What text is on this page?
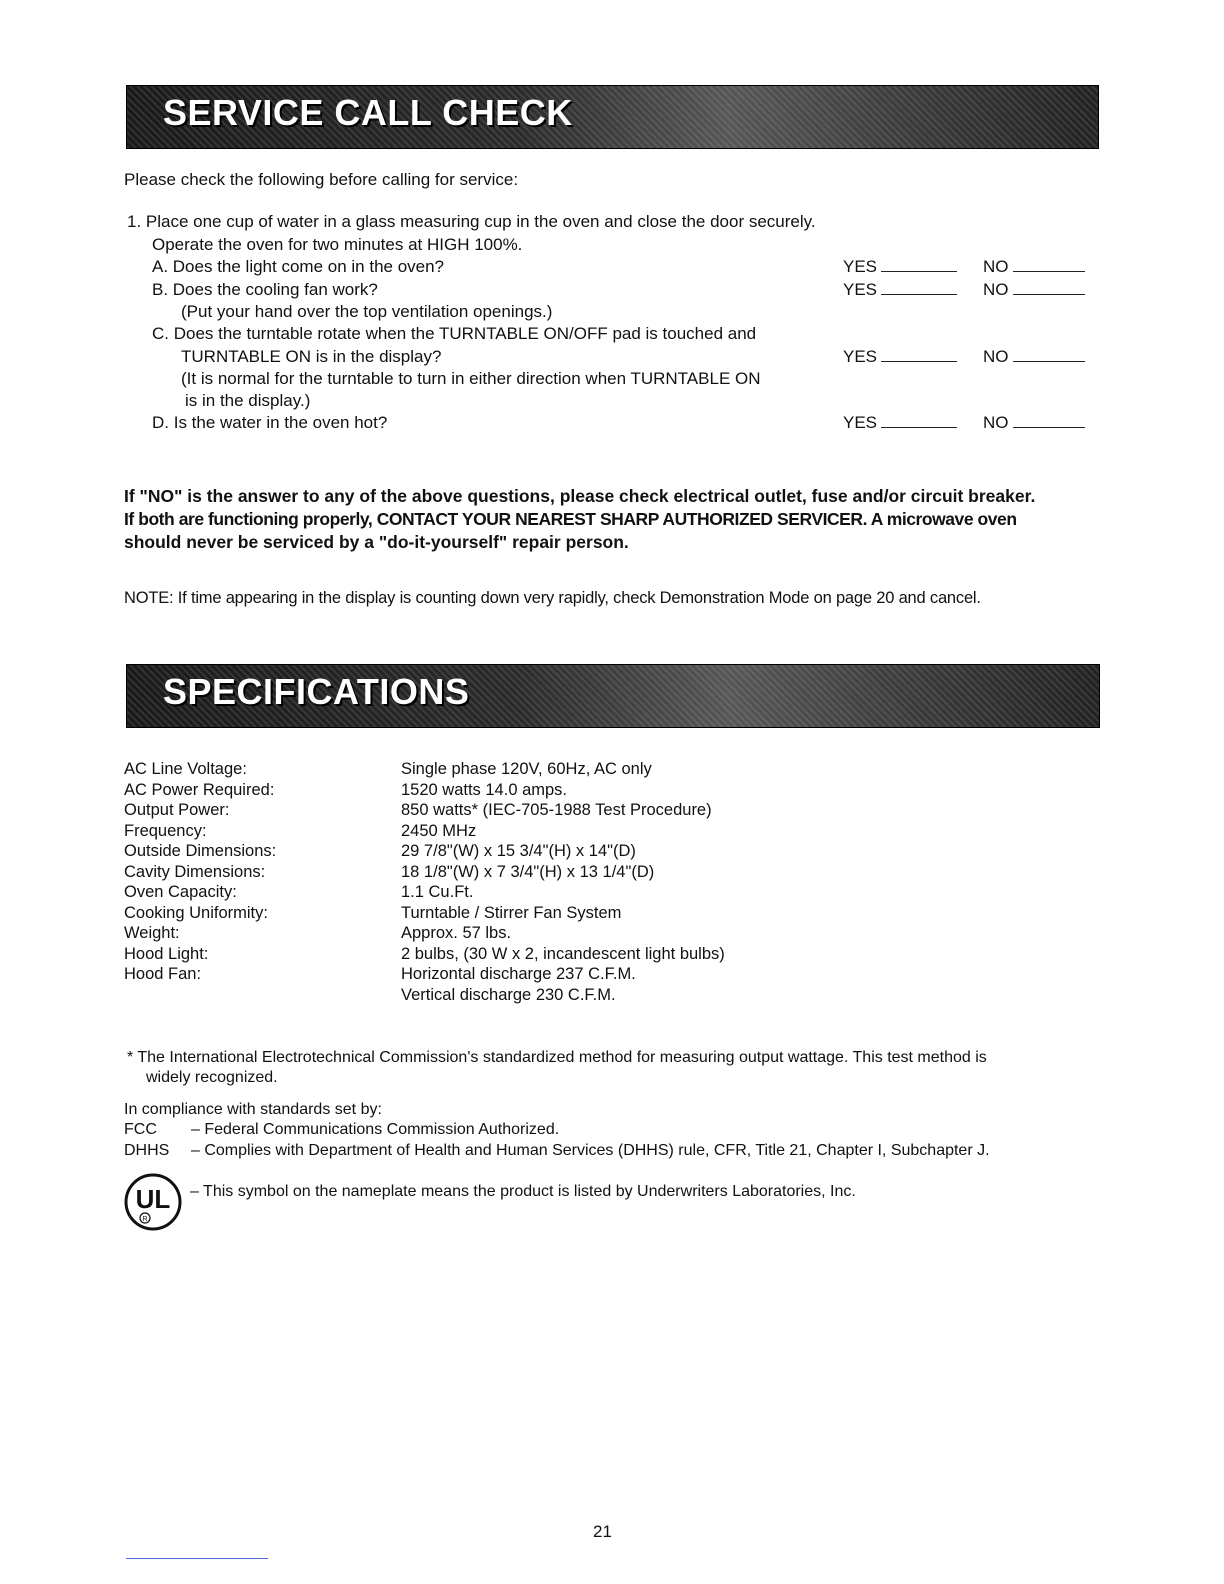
SERVICE CALL CHECK
Please check the following before calling for service:
1. Place one cup of water in a glass measuring cup in the oven and close the door securely.
Operate the oven for two minutes at HIGH 100%.
A. Does the light come on in the oven?	YES	NO
B. Does the cooling fan work?	YES	NO
(Put your hand over the top ventilation openings.)
C. Does the turntable rotate when the TURNTABLE ON/OFF pad is touched and
TURNTABLE ON is in the display?	YES	NO
(It is normal for the turntable to turn in either direction when TURNTABLE ON
is in the display.)
D. Is the water in the oven hot?	YES	NO
If "NO" is the answer to any of the above questions, please check electrical outlet, fuse and/or circuit breaker.
If both are functioning properly, CONTACT YOUR NEAREST SHARP AUTHORIZED SERVICER. A microwave oven
should never be serviced by a "do-it-yourself" repair person.
NOTE: If time appearing in the display is counting down very rapidly, check Demonstration Mode on page 20 and cancel.
SPECIFICATIONS
AC Line Voltage:	Single phase 120V, 60Hz, AC only
AC Power Required:	1520 watts 14.0 amps.
Output Power:	850 watts* (IEC-705-1988 Test Procedure)
Frequency:	2450 MHz
Outside Dimensions:	29 7/8"(W) x 15 3/4"(H) x 14"(D)
Cavity Dimensions:	18 1/8"(W) x 7 3/4"(H) x 13 1/4"(D)
Oven Capacity:	1.1 Cu.Ft.
Cooking Uniformity:	Turntable / Stirrer Fan System
Weight:	Approx. 57 lbs.
Hood Light:	2 bulbs, (30 W x 2, incandescent light bulbs)
Hood Fan:	Horizontal discharge 237 C.F.M.
Vertical discharge 230 C.F.M.
* The International Electrotechnical Commission's standardized method for measuring output wattage. This test method is
widely recognized.
In compliance with standards set by:
FCC – Federal Communications Commission Authorized.
DHHS – Complies with Department of Health and Human Services (DHHS) rule, CFR, Title 21, Chapter I, Subchapter J.
UL
R
– This symbol on the nameplate means the product is listed by Underwriters Laboratories, Inc.
21
